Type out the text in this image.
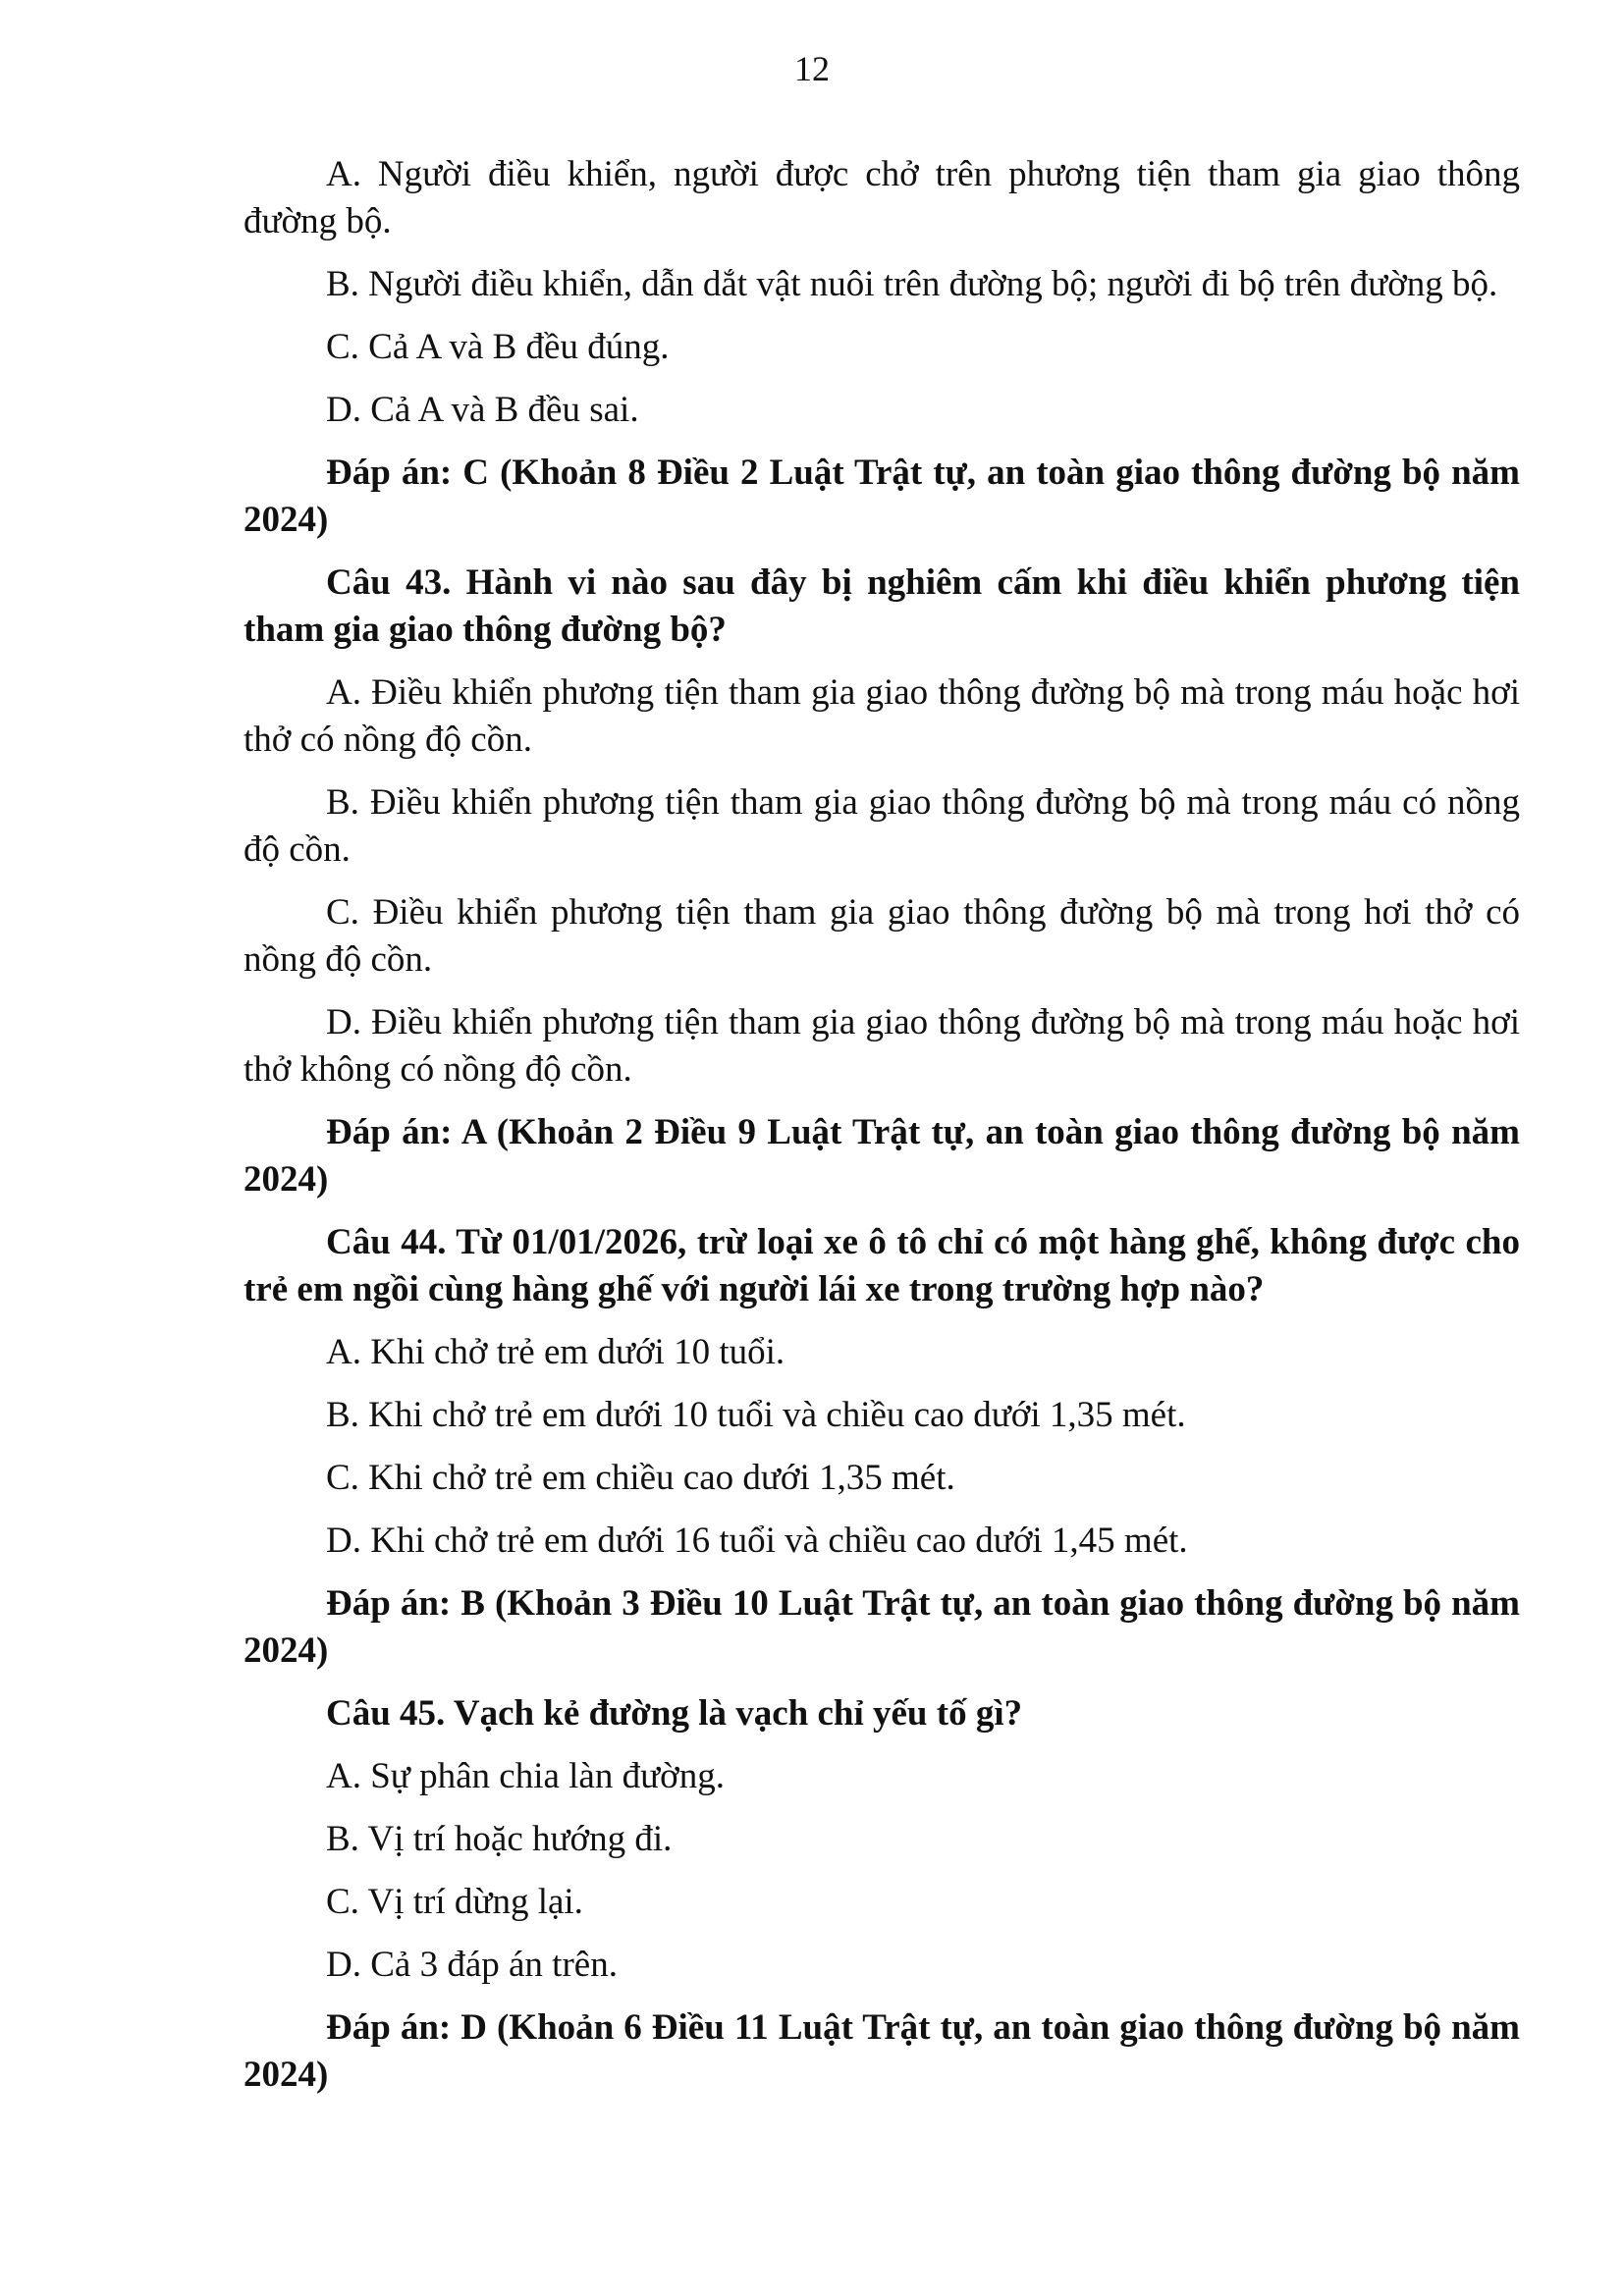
12

A. Người điều khiển, người được chở trên phương tiện tham gia giao thông đường bộ.

B. Người điều khiển, dẫn dắt vật nuôi trên đường bộ; người đi bộ trên đường bộ.

C. Cả A và B đều đúng.

D. Cả A và B đều sai.

Đáp án: C (Khoản 8 Điều 2 Luật Trật tự, an toàn giao thông đường bộ năm 2024)

Câu 43. Hành vi nào sau đây bị nghiêm cấm khi điều khiển phương tiện tham gia giao thông đường bộ?

A. Điều khiển phương tiện tham gia giao thông đường bộ mà trong máu hoặc hơi thở có nồng độ cồn.

B. Điều khiển phương tiện tham gia giao thông đường bộ mà trong máu có nồng độ cồn.

C. Điều khiển phương tiện tham gia giao thông đường bộ mà trong hơi thở có nồng độ cồn.

D. Điều khiển phương tiện tham gia giao thông đường bộ mà trong máu hoặc hơi thở không có nồng độ cồn.

Đáp án: A (Khoản 2 Điều 9 Luật Trật tự, an toàn giao thông đường bộ năm 2024)

Câu 44. Từ 01/01/2026, trừ loại xe ô tô chỉ có một hàng ghế, không được cho trẻ em ngồi cùng hàng ghế với người lái xe trong trường hợp nào?

A. Khi chở trẻ em dưới 10 tuổi.

B. Khi chở trẻ em dưới 10 tuổi và chiều cao dưới 1,35 mét.

C. Khi chở trẻ em chiều cao dưới 1,35 mét.

D. Khi chở trẻ em dưới 16 tuổi và chiều cao dưới 1,45 mét.

Đáp án: B (Khoản 3 Điều 10 Luật Trật tự, an toàn giao thông đường bộ năm 2024)

Câu 45. Vạch kẻ đường là vạch chỉ yếu tố gì?

A. Sự phân chia làn đường.

B. Vị trí hoặc hướng đi.

C. Vị trí dừng lại.

D. Cả 3 đáp án trên.

Đáp án: D (Khoản 6 Điều 11 Luật Trật tự, an toàn giao thông đường bộ năm 2024)
